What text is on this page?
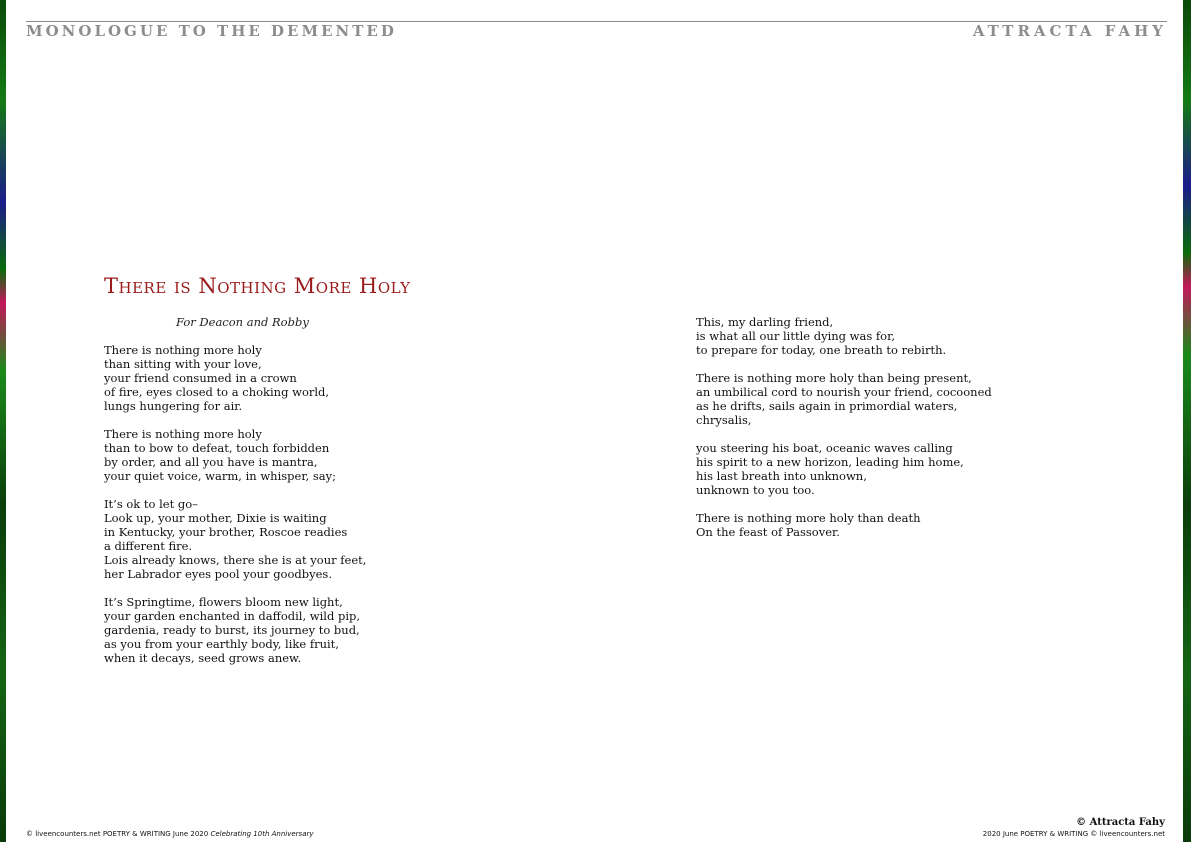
MONOLOGUE TO THE DEMENTED	ATTRACTA FAHY
There is Nothing More Holy
For Deacon and Robby
There is nothing more holy
than sitting with your love,
your friend consumed in a crown
of fire, eyes closed to a choking world,
lungs hungering for air.
There is nothing more holy
than to bow to defeat, touch forbidden
by order, and all you have is mantra,
your quiet voice, warm, in whisper, say;
It’s ok to let go–
Look up, your mother, Dixie is waiting
in Kentucky, your brother, Roscoe readies
a different fire.
Lois already knows, there she is at your feet,
her Labrador eyes pool your goodbyes.
It’s Springtime, flowers bloom new light,
your garden enchanted in daffodil, wild pip,
gardenia, ready to burst, its journey to bud,
as you from your earthly body, like fruit,
when it decays, seed grows anew.
This, my darling friend,
is what all our little dying was for,
to prepare for today, one breath to rebirth.
There is nothing more holy than being present,
an umbilical cord to nourish your friend, cocooned
as he drifts, sails again in primordial waters,
chrysalis,
you steering his boat, oceanic waves calling
his spirit to a new horizon, leading him home,
his last breath into unknown,
unknown to you too.
There is nothing more holy than death
On the feast of Passover.
© liveencounters.net POETRY & WRITING June 2020 Celebrating 10th Anniversary
© Attracta Fahy
2020 June POETRY & WRITING © liveencounters.net
